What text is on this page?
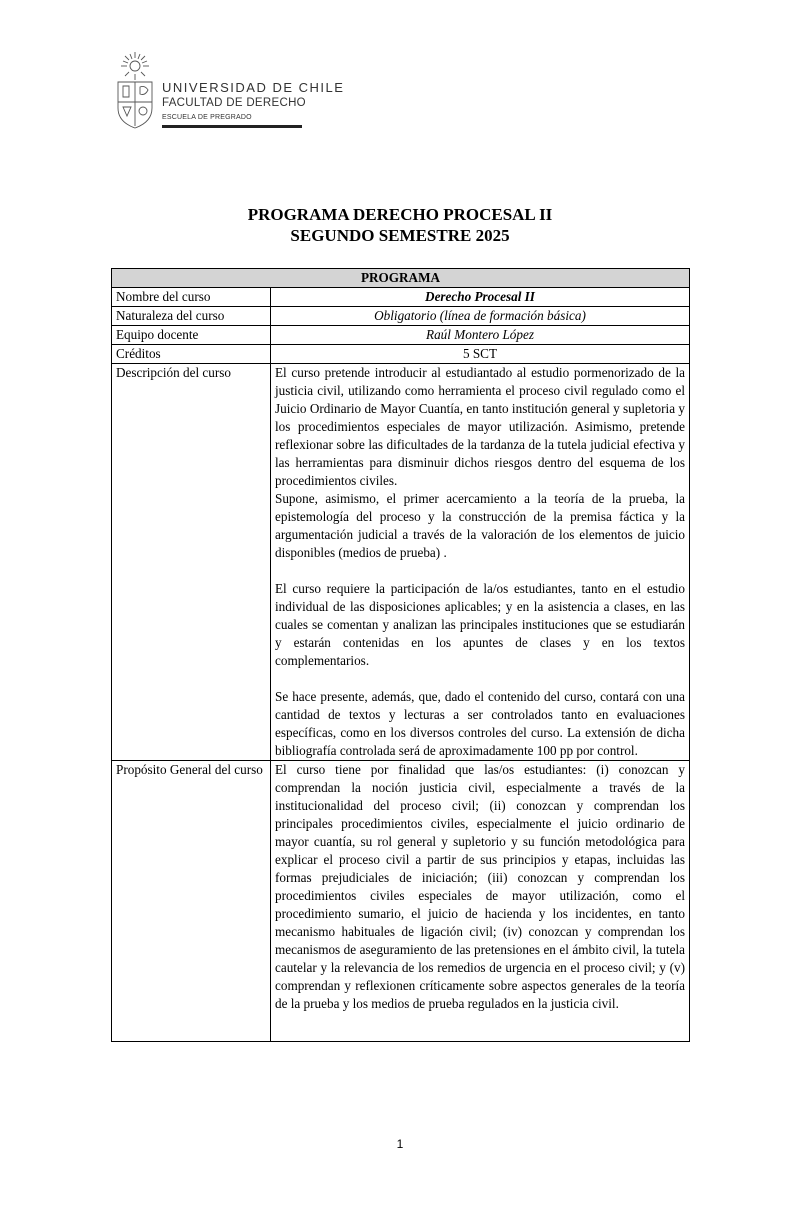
UNIVERSIDAD DE CHILE
FACULTAD DE DERECHO
ESCUELA DE PREGRADO
PROGRAMA DERECHO PROCESAL II
SEGUNDO SEMESTRE 2025
PROGRAMA	
Nombre del curso	Derecho Procesal II
Naturaleza del curso	Obligatorio (línea de formación básica)
Equipo docente	Raúl Montero López
Créditos	5 SCT
Descripción del curso	El curso pretende introducir al estudiantado al estudio pormenorizado de la justicia civil, utilizando como herramienta el proceso civil regulado como el Juicio Ordinario de Mayor Cuantía, en tanto institución general y supletoria y los procedimientos especiales de mayor utilización. Asimismo, pretende reflexionar sobre las dificultades de la tardanza de la tutela judicial efectiva y las herramientas para disminuir dichos riesgos dentro del esquema de los procedimientos civiles.

Supone, asimismo, el primer acercamiento a la teoría de la prueba, la epistemología del proceso y la construcción de la premisa fáctica y la argumentación judicial a través de la valoración de los elementos de juicio disponibles (medios de prueba) .

El curso requiere la participación de la/os estudiantes, tanto en el estudio individual de las disposiciones aplicables; y en la asistencia a clases, en las cuales se comentan y analizan las principales instituciones que se estudiarán y estarán contenidas en los apuntes de clases y en los textos complementarios.

Se hace presente, además, que, dado el contenido del curso, contará con una cantidad de textos y lecturas a ser controlados tanto en evaluaciones específicas, como en los diversos controles del curso. La extensión de dicha bibliografía controlada será de aproximadamente 100 pp por control.

Propósito General del curso	El curso tiene por finalidad que las/os estudiantes: (i) conozcan y comprendan la noción justicia civil, especialmente a través de la institucionalidad del proceso civil; (ii) conozcan y comprendan los principales procedimientos civiles, especialmente el juicio ordinario de mayor cuantía, su rol general y supletorio y su función metodológica para explicar el proceso civil a partir de sus principios y etapas, incluidas las formas prejudiciales de iniciación; (iii) conozcan y comprendan los procedimientos civiles especiales de mayor utilización, como el procedimiento sumario, el juicio de hacienda y los incidentes, en tanto mecanismo habituales de ligación civil; (iv) conozcan y comprendan los mecanismos de aseguramiento de las pretensiones en el ámbito civil, la tutela cautelar y la relevancia de los remedios de urgencia en el proceso civil; y (v) comprendan y reflexionen críticamente sobre aspectos generales de la teoría de la prueba y los medios de prueba regulados en la justicia civil.

1
